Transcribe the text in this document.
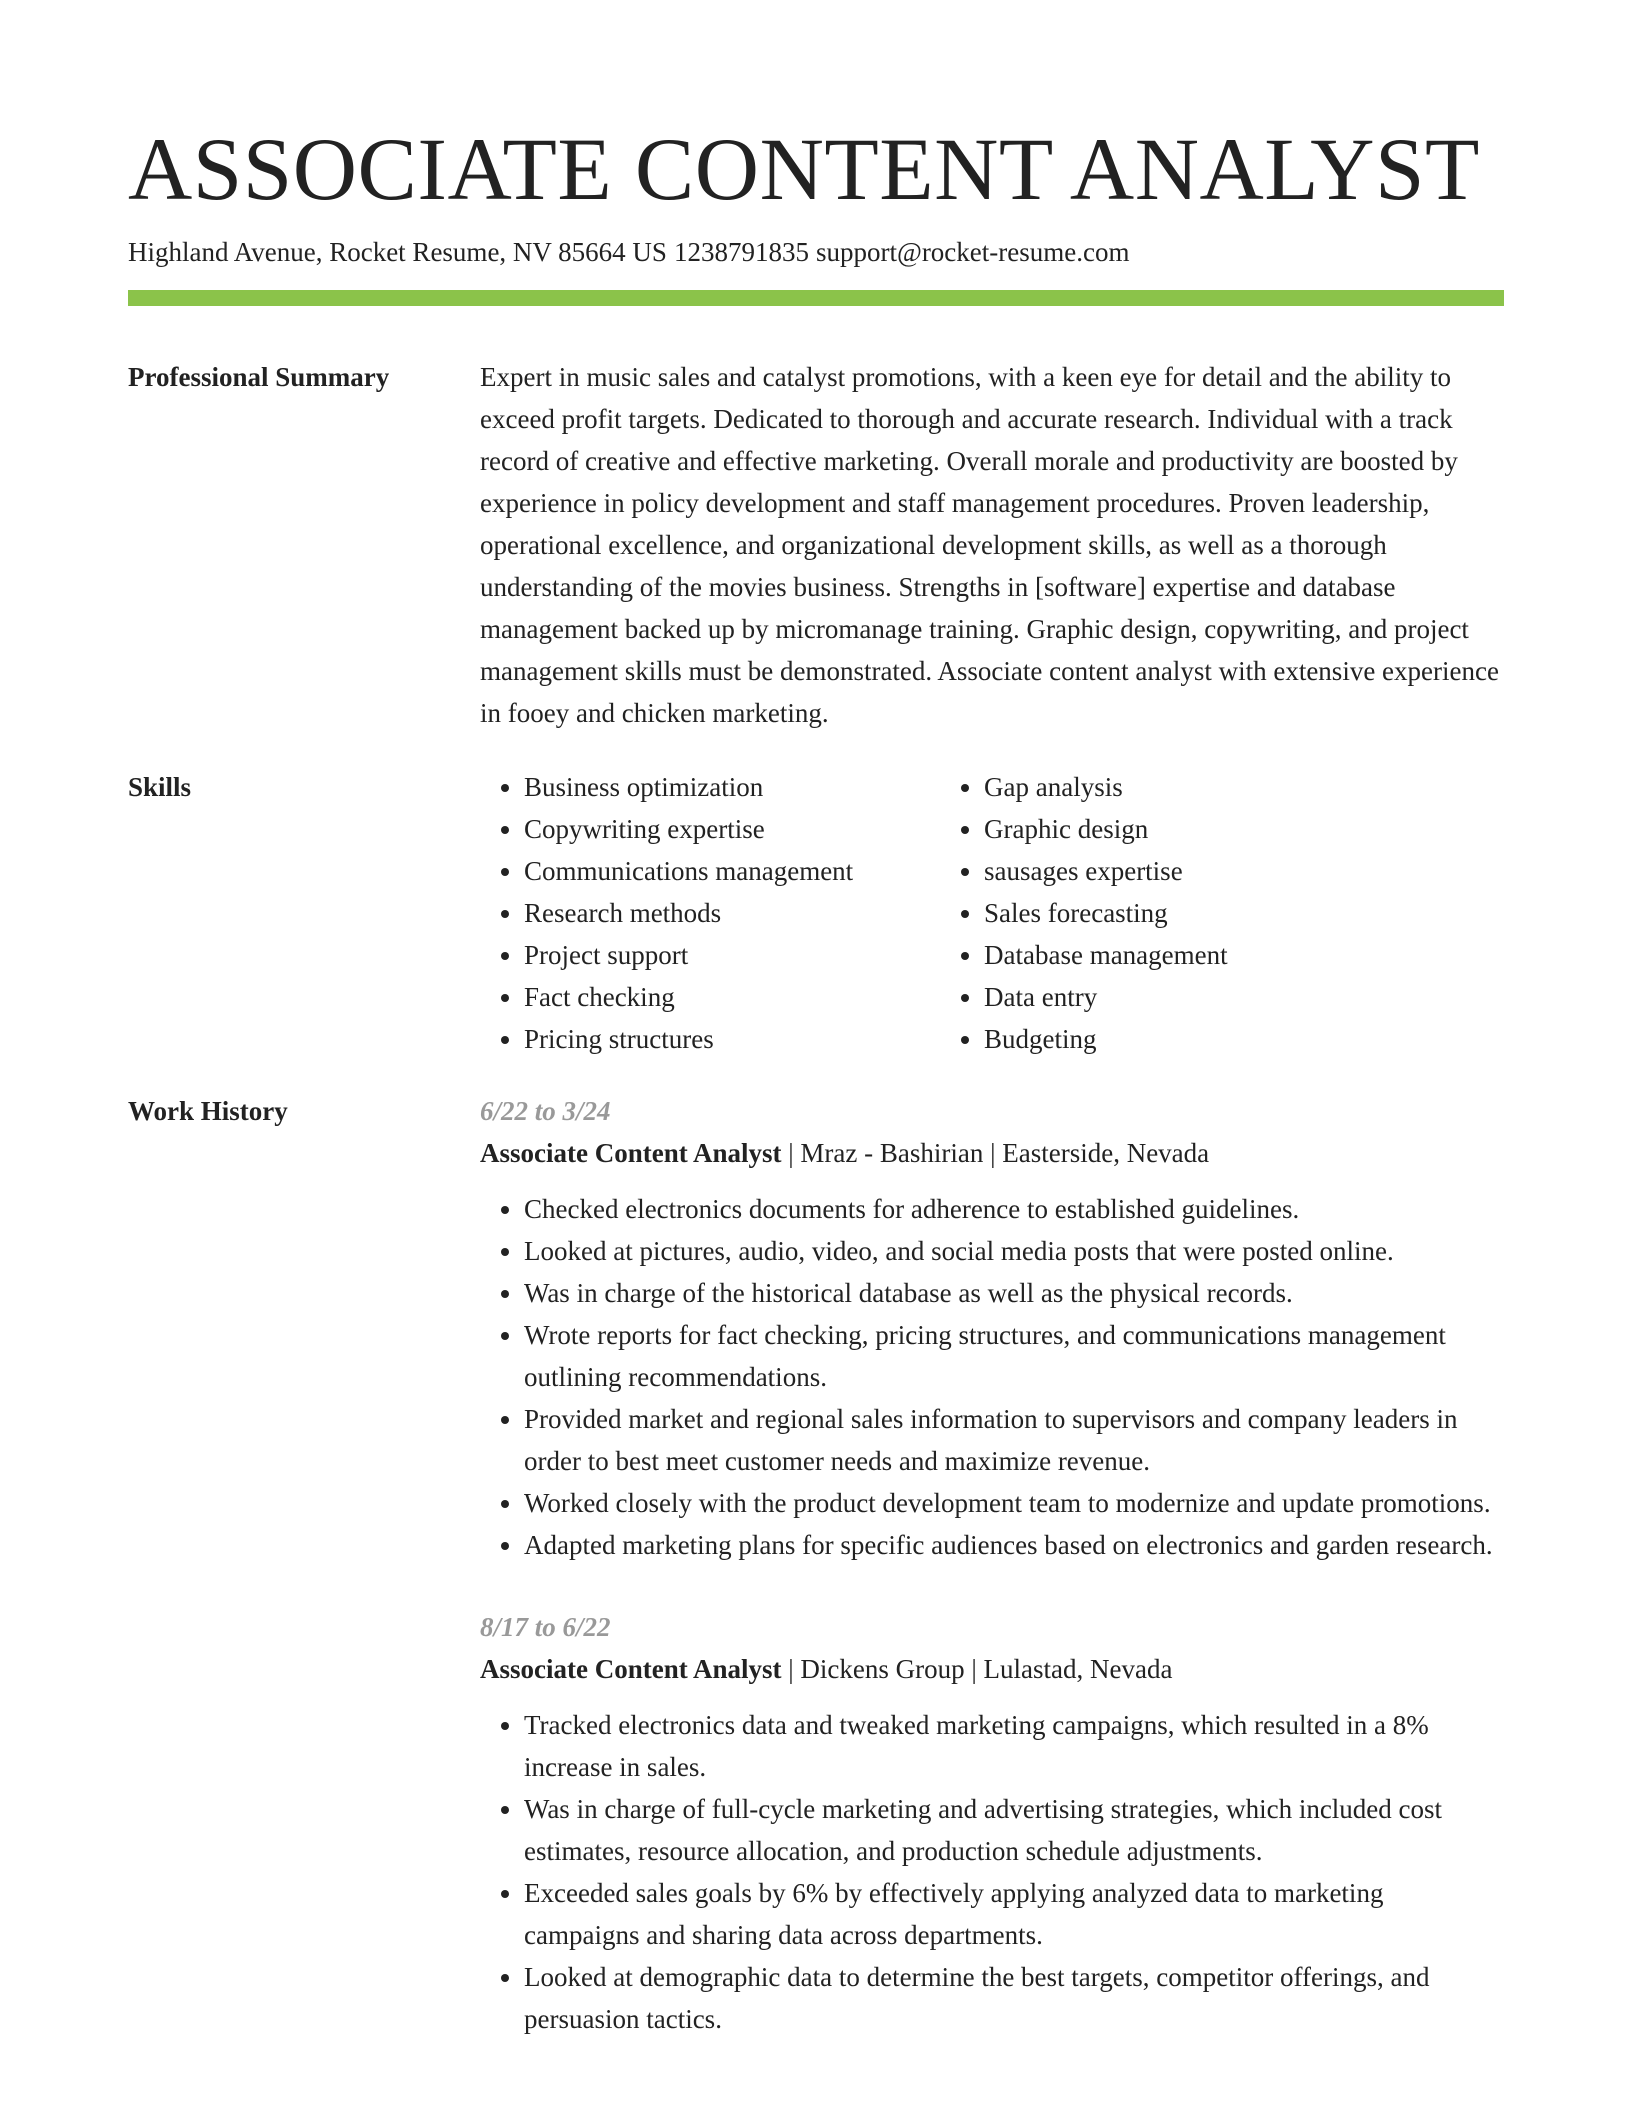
ASSOCIATE CONTENT ANALYST
Highland Avenue, Rocket Resume, NV 85664 US 1238791835 support@rocket-resume.com
Professional Summary	Expert in music sales and catalyst promotions, with a keen eye for detail and the ability to exceed profit targets. Dedicated to thorough and accurate research. Individual with a track record of creative and effective marketing. Overall morale and productivity are boosted by experience in policy development and staff management procedures. Proven leadership, operational excellence, and organizational development skills, as well as a thorough understanding of the movies business. Strengths in [software] expertise and database management backed up by micromanage training. Graphic design, copywriting, and project management skills must be demonstrated. Associate content analyst with extensive experience in fooey and chicken marketing.

Skills
•	Business optimization
• Copywriting expertise
• Communications management
• Research methods
• Project support
• Fact checking
• Pricing structures
• Gap analysis
• Graphic design
• sausages expertise
• Sales forecasting
• Database management
• Data entry
• Budgeting
Work History	6/22 to 3/24
Associate Content Analyst | Mraz - Bashirian | Easterside, Nevada
• Checked electronics documents for adherence to established guidelines.
• Looked at pictures, audio, video, and social media posts that were posted online.
• Was in charge of the historical database as well as the physical records.
• Wrote reports for fact checking, pricing structures, and communications management outlining recommendations.
• Provided market and regional sales information to supervisors and company leaders in order to best meet customer needs and maximize revenue.
• Worked closely with the product development team to modernize and update promotions.
• Adapted marketing plans for specific audiences based on electronics and garden research.
8/17 to 6/22
Associate Content Analyst | Dickens Group | Lulastad, Nevada
• Tracked electronics data and tweaked marketing campaigns, which resulted in a 8% increase in sales.
• Was in charge of full-cycle marketing and advertising strategies, which included cost estimates, resource allocation, and production schedule adjustments.
• Exceeded sales goals by 6% by effectively applying analyzed data to marketing campaigns and sharing data across departments.
• Looked at demographic data to determine the best targets, competitor offerings, and persuasion tactics.
